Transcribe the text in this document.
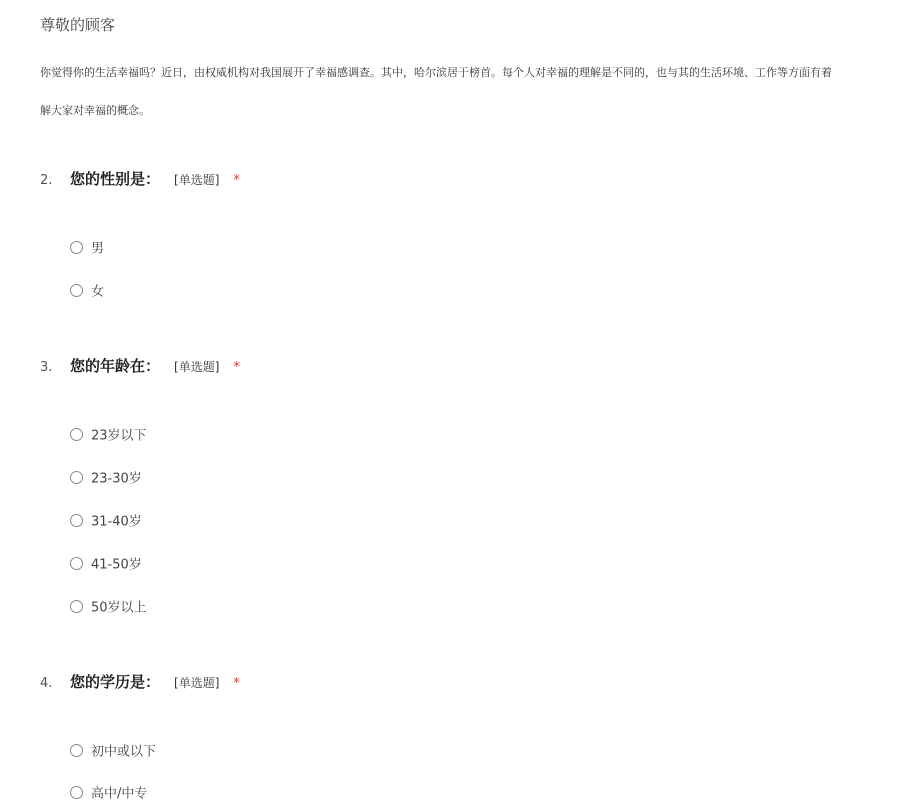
尊敬的顾客
你觉得你的生活幸福吗？近日，由权威机构对我国展开了幸福感调查。其中，哈尔滨居于榜首。每个人对幸福的理解是不同的，也与其的生活环境、工作等方面有着
解大家对幸福的概念。
2. 您的性别是： [单选题] *
男
女
3. 您的年龄在： [单选题] *
23岁以下
23-30岁
31-40岁
41-50岁
50岁以上
4. 您的学历是： [单选题] *
初中或以下
高中/中专
